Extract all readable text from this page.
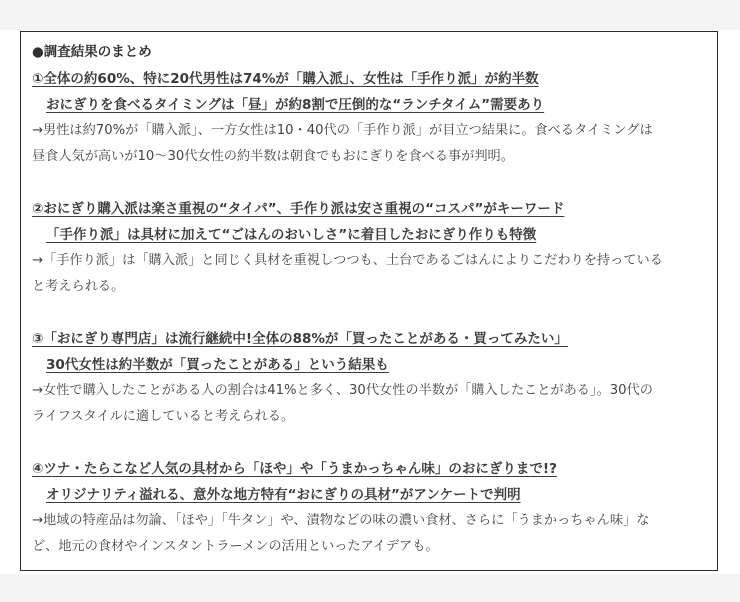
●調査結果のまとめ
①全体の約60%、特に20代男性は74%が「購入派」、女性は「手作り派」が約半数
おにぎりを食べるタイミングは「昼」が約8割で圧倒的な“ランチタイム”需要あり
→男性は約70%が「購入派」、一方女性は10・40代の「手作り派」が目立つ結果に。食べるタイミングは
昼食人気が高いが10〜30代女性の約半数は朝食でもおにぎりを食べる事が判明。
②おにぎり購入派は楽さ重視の“タイパ”、手作り派は安さ重視の“コスパ”がキーワード
「手作り派」は具材に加えて“ごはんのおいしさ”に着目したおにぎり作りも特徴
→「手作り派」は「購入派」と同じく具材を重視しつつも、土台であるごはんによりこだわりを持っている
と考えられる。
③「おにぎり専門店」は流行継続中!全体の88%が「買ったことがある・買ってみたい」
30代女性は約半数が「買ったことがある」という結果も
→女性で購入したことがある人の割合は41%と多く、30代女性の半数が「購入したことがある」。30代の
ライフスタイルに適していると考えられる。
④ツナ・たらこなど人気の具材から「ほや」や「うまかっちゃん味」のおにぎりまで!?
オリジナリティ溢れる、意外な地方特有“おにぎりの具材”がアンケートで判明
→地域の特産品は勿論、「ほや」「牛タン」や、漬物などの味の濃い食材、さらに「うまかっちゃん味」な
ど、地元の食材やインスタントラーメンの活用といったアイデアも。
